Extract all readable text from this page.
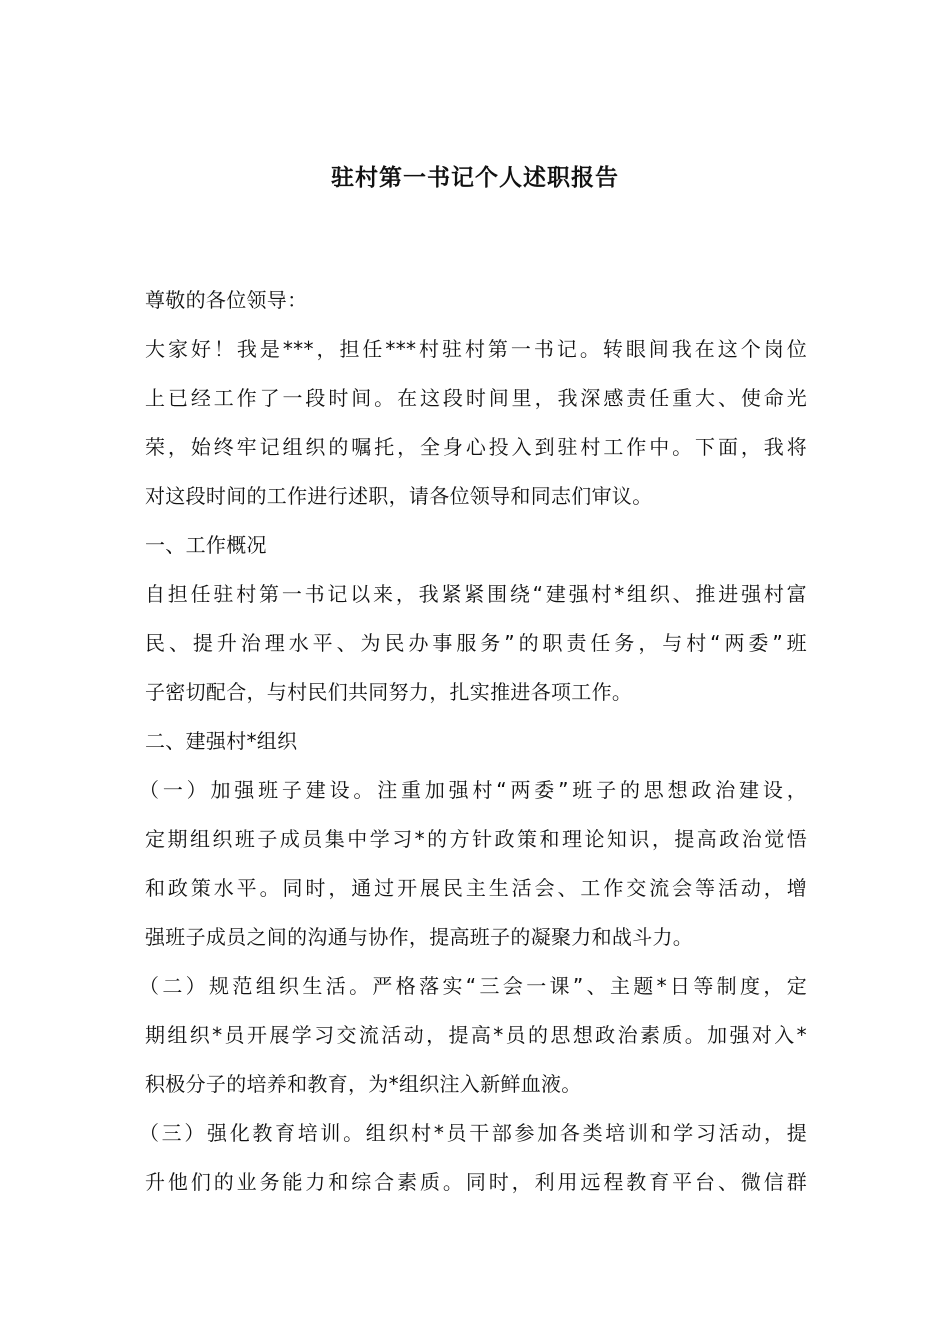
驻村第一书记个人述职报告
尊敬的各位领导：
大家好！我是***，担任***村驻村第一书记。转眼间我在这个岗位
上已经工作了一段时间。在这段时间里，我深感责任重大、使命光
荣，始终牢记组织的嘱托，全身心投入到驻村工作中。下面，我将
对这段时间的工作进行述职，请各位领导和同志们审议。
一、工作概况
自担任驻村第一书记以来，我紧紧围绕“建强村*组织、推进强村富
民、提升治理水平、为民办事服务”的职责任务，与村“两委”班
子密切配合，与村民们共同努力，扎实推进各项工作。
二、建强村*组织
（一）加强班子建设。注重加强村“两委”班子的思想政治建设，
定期组织班子成员集中学习*的方针政策和理论知识，提高政治觉悟
和政策水平。同时，通过开展民主生活会、工作交流会等活动，增
强班子成员之间的沟通与协作，提高班子的凝聚力和战斗力。
（二）规范组织生活。严格落实“三会一课”、主题*日等制度，定
期组织*员开展学习交流活动，提高*员的思想政治素质。加强对入*
积极分子的培养和教育，为*组织注入新鲜血液。
（三）强化教育培训。组织村*员干部参加各类培训和学习活动，提
升他们的业务能力和综合素质。同时，利用远程教育平台、微信群
